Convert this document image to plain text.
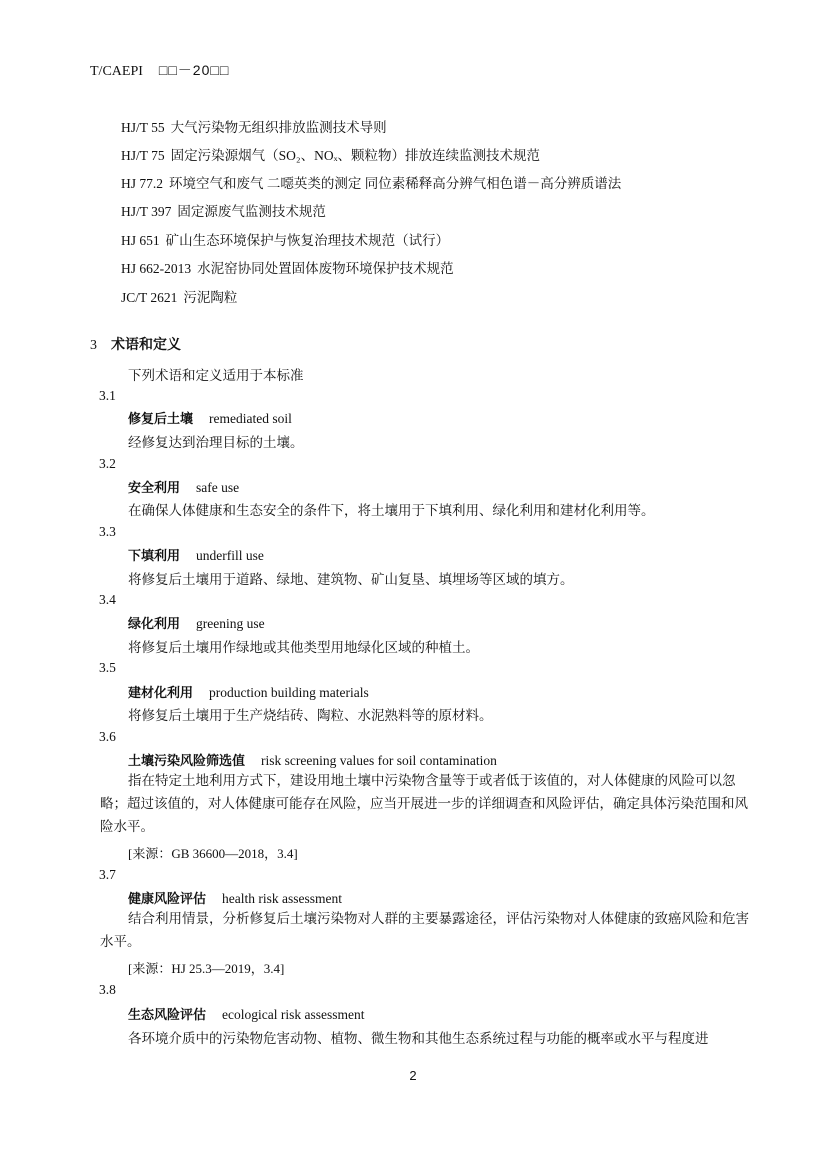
T/CAEPI □□－20□□
HJ/T 55 大气污染物无组织排放监测技术导则
HJ/T 75 固定污染源烟气（SO₂、NOₓ、颗粒物）排放连续监测技术规范
HJ 77.2 环境空气和废气 二噁英类的测定 同位素稀释高分辨气相色谱－高分辨质谱法
HJ/T 397 固定源废气监测技术规范
HJ 651 矿山生态环境保护与恢复治理技术规范（试行）
HJ 662-2013 水泥窑协同处置固体废物环境保护技术规范
JC/T 2621 污泥陶粒
3 术语和定义
下列术语和定义适用于本标准
3.1
修复后土壤 remediated soil
经修复达到治理目标的土壤。
3.2
安全利用 safe use
在确保人体健康和生态安全的条件下，将土壤用于下填利用、绿化利用和建材化利用等。
3.3
下填利用 underfill use
将修复后土壤用于道路、绿地、建筑物、矿山复垦、填埋场等区域的填方。
3.4
绿化利用 greening use
将修复后土壤用作绿地或其他类型用地绿化区域的种植土。
3.5
建材化利用 production building materials
将修复后土壤用于生产烧结砖、陶粒、水泥熟料等的原材料。
3.6
土壤污染风险筛选值 risk screening values for soil contamination
指在特定土地利用方式下，建设用地土壤中污染物含量等于或者低于该值的，对人体健康的风险可以忽略；超过该值的，对人体健康可能存在风险，应当开展进一步的详细调查和风险评估，确定具体污染范围和风险水平。
[来源：GB 36600—2018，3.4]
3.7
健康风险评估 health risk assessment
结合利用情景，分析修复后土壤污染物对人群的主要暴露途径，评估污染物对人体健康的致癌风险和危害水平。
[来源：HJ 25.3—2019，3.4]
3.8
生态风险评估 ecological risk assessment
各环境介质中的污染物危害动物、植物、微生物和其他生态系统过程与功能的概率或水平与程度进
2
